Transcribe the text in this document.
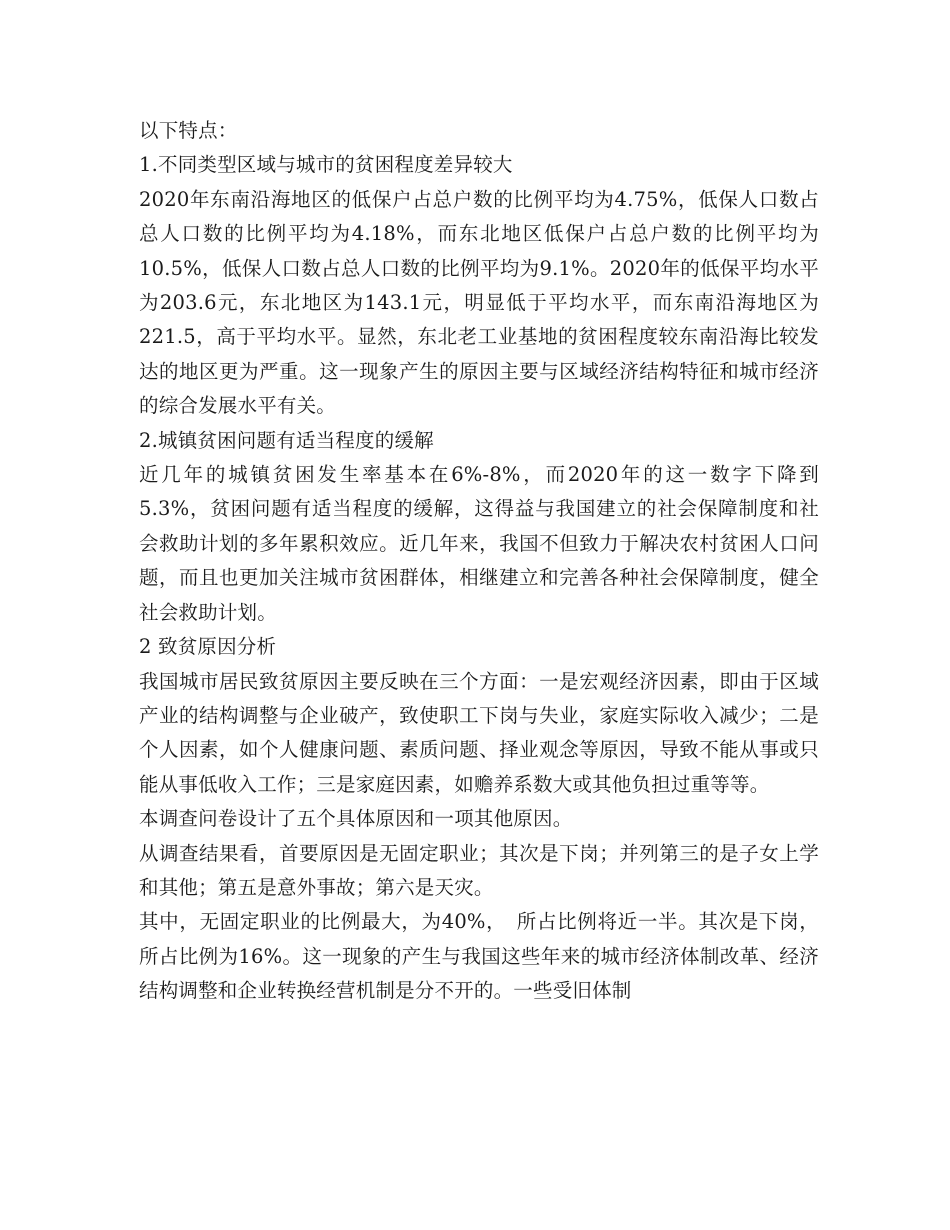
以下特点：

1.不同类型区域与城市的贫困程度差异较大

2020年东南沿海地区的低保户占总户数的比例平均为4.75%，低保人口数占总人口数的比例平均为4.18%，而东北地区低保户占总户数的比例平均为10.5%，低保人口数占总人口数的比例平均为9.1%。2020年的低保平均水平为203.6元，东北地区为143.1元，明显低于平均水平，而东南沿海地区为221.5，高于平均水平。显然，东北老工业基地的贫困程度较东南沿海比较发达的地区更为严重。这一现象产生的原因主要与区域经济结构特征和城市经济的综合发展水平有关。

2.城镇贫困问题有适当程度的缓解

近几年的城镇贫困发生率基本在6%-8%，而2020年的这一数字下降到5.3%，贫困问题有适当程度的缓解，这得益与我国建立的社会保障制度和社会救助计划的多年累积效应。近几年来，我国不但致力于解决农村贫困人口问题，而且也更加关注城市贫困群体，相继建立和完善各种社会保障制度，健全社会救助计划。

2 致贫原因分析

我国城市居民致贫原因主要反映在三个方面：一是宏观经济因素，即由于区域产业的结构调整与企业破产，致使职工下岗与失业，家庭实际收入减少；二是个人因素，如个人健康问题、素质问题、择业观念等原因，导致不能从事或只能从事低收入工作；三是家庭因素，如赡养系数大或其他负担过重等等。

本调查问卷设计了五个具体原因和一项其他原因。

从调查结果看，首要原因是无固定职业；其次是下岗；并列第三的是子女上学和其他；第五是意外事故；第六是天灾。

其中，无固定职业的比例最大，为40%，　所占比例将近一半。其次是下岗，所占比例为16%。这一现象的产生与我国这些年来的城市经济体制改革、经济结构调整和企业转换经营机制是分不开的。一些受旧体制
